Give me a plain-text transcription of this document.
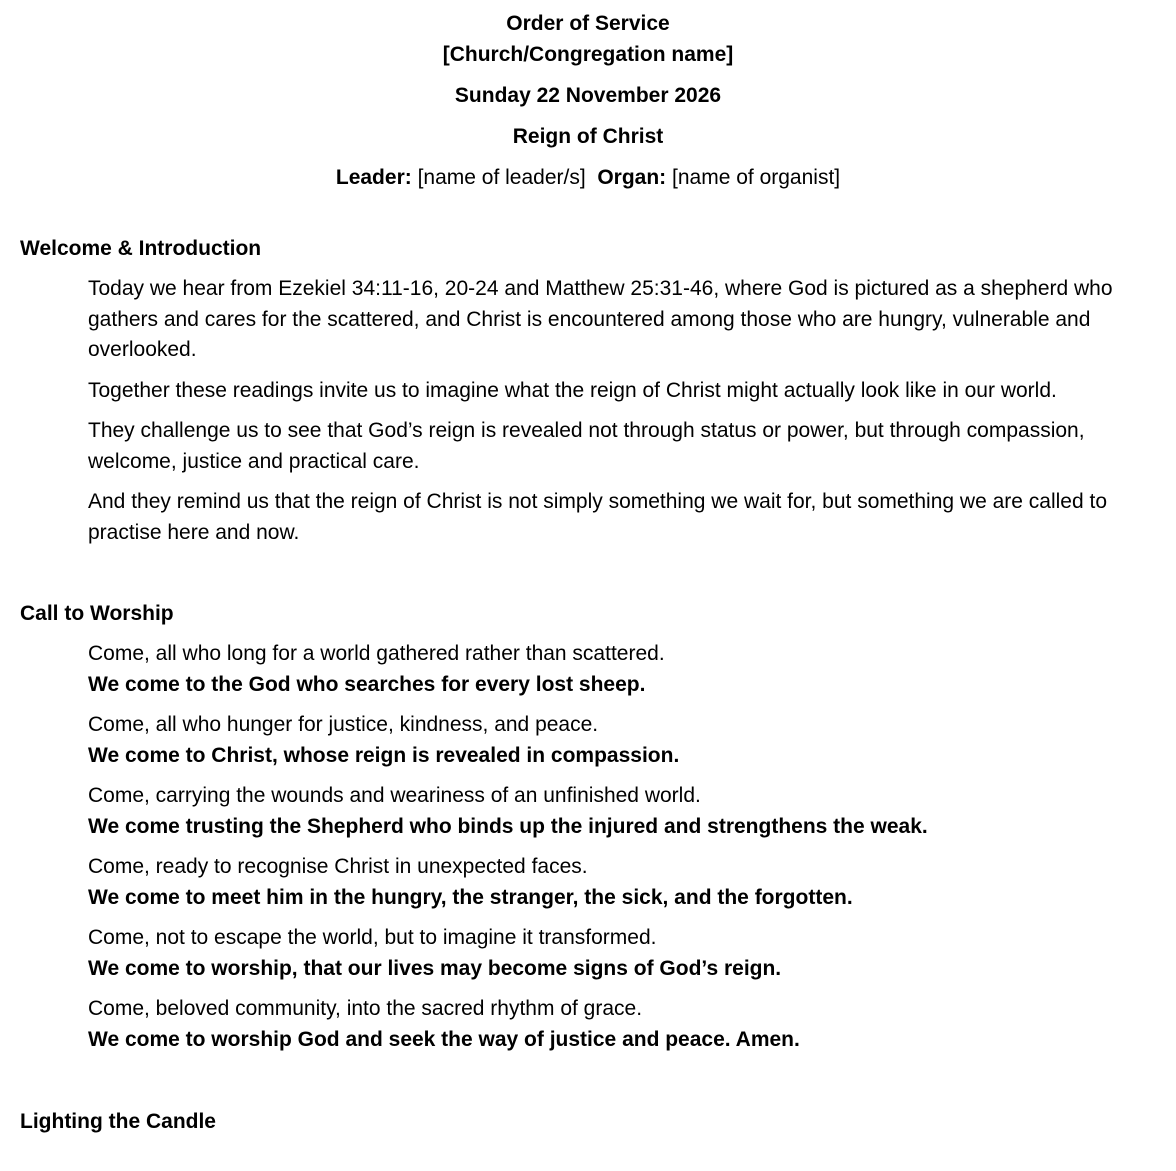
Order of Service
[Church/Congregation name]
Sunday 22 November 2026
Reign of Christ
Leader: [name of leader/s] Organ: [name of organist]
Welcome & Introduction
Today we hear from Ezekiel 34:11-16, 20-24 and Matthew 25:31-46, where God is pictured as a shepherd who gathers and cares for the scattered, and Christ is encountered among those who are hungry, vulnerable and overlooked.
Together these readings invite us to imagine what the reign of Christ might actually look like in our world.
They challenge us to see that God’s reign is revealed not through status or power, but through compassion, welcome, justice and practical care.
And they remind us that the reign of Christ is not simply something we wait for, but something we are called to practise here and now.
Call to Worship
Come, all who long for a world gathered rather than scattered.
We come to the God who searches for every lost sheep.
Come, all who hunger for justice, kindness, and peace.
We come to Christ, whose reign is revealed in compassion.
Come, carrying the wounds and weariness of an unfinished world.
We come trusting the Shepherd who binds up the injured and strengthens the weak.
Come, ready to recognise Christ in unexpected faces.
We come to meet him in the hungry, the stranger, the sick, and the forgotten.
Come, not to escape the world, but to imagine it transformed.
We come to worship, that our lives may become signs of God’s reign.
Come, beloved community, into the sacred rhythm of grace.
We come to worship God and seek the way of justice and peace. Amen.
Lighting the Candle
